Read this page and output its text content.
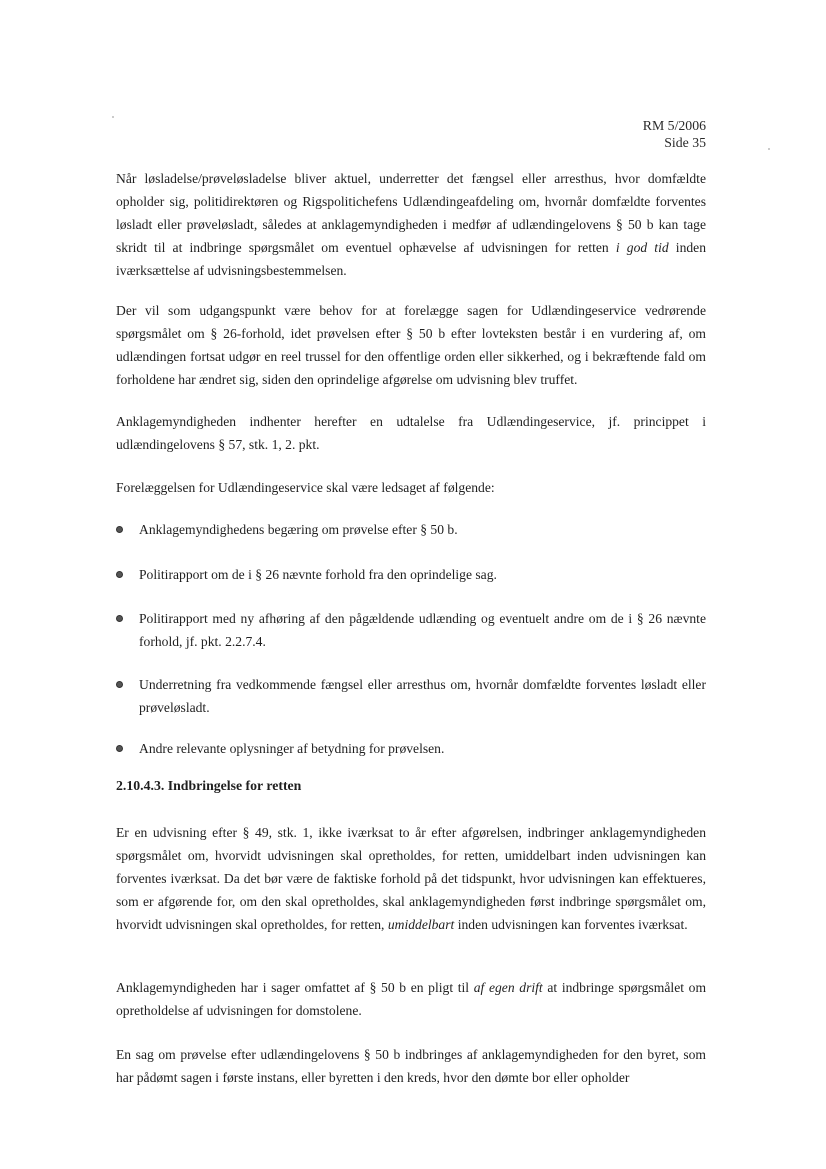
RM 5/2006
Side 35

Når løsladelse/prøveløsladelse bliver aktuel, underretter det fængsel eller arresthus, hvor domfældte opholder sig, politidirektøren og Rigspolitichefens Udlændingeafdeling om, hvornår domfældte forventes løsladt eller prøveløsladt, således at anklagemyndigheden i medfør af udlændingelovens § 50 b kan tage skridt til at indbringe spørgsmålet om eventuel ophævelse af udvisningen for retten i god tid inden iværksættelse af udvisningsbestemmelsen.

Der vil som udgangspunkt være behov for at forelægge sagen for Udlændingeservice vedrørende spørgsmålet om § 26-forhold, idet prøvelsen efter § 50 b efter lovteksten består i en vurdering af, om udlændingen fortsat udgør en reel trussel for den offentlige orden eller sikkerhed, og i bekræftende fald om forholdene har ændret sig, siden den oprindelige afgørelse om udvisning blev truffet.

Anklagemyndigheden indhenter herefter en udtalelse fra Udlændingeservice, jf. princippet i udlændingelovens § 57, stk. 1, 2. pkt.

Forelæggelsen for Udlændingeservice skal være ledsaget af følgende:

Anklagemyndighedens begæring om prøvelse efter § 50 b.
Politirapport om de i § 26 nævnte forhold fra den oprindelige sag.
Politirapport med ny afhøring af den pågældende udlænding og eventuelt andre om de i § 26 nævnte forhold, jf. pkt. 2.2.7.4.
Underretning fra vedkommende fængsel eller arresthus om, hvornår domfældte forventes løsladt eller prøveløsladt.
Andre relevante oplysninger af betydning for prøvelsen.
2.10.4.3. Indbringelse for retten

Er en udvisning efter § 49, stk. 1, ikke iværksat to år efter afgørelsen, indbringer anklagemyndigheden spørgsmålet om, hvorvidt udvisningen skal opretholdes, for retten, umiddelbart inden udvisningen kan forventes iværksat. Da det bør være de faktiske forhold på det tidspunkt, hvor udvisningen kan effektueres, som er afgørende for, om den skal opretholdes, skal anklagemyndigheden først indbringe spørgsmålet om, hvorvidt udvisningen skal opretholdes, for retten, umiddelbart inden udvisningen kan forventes iværksat.

Anklagemyndigheden har i sager omfattet af § 50 b en pligt til af egen drift at indbringe spørgsmålet om opretholdelse af udvisningen for domstolene.

En sag om prøvelse efter udlændingelovens § 50 b indbringes af anklagemyndigheden for den byret, som har pådømt sagen i første instans, eller byretten i den kreds, hvor den dømte bor eller opholder
